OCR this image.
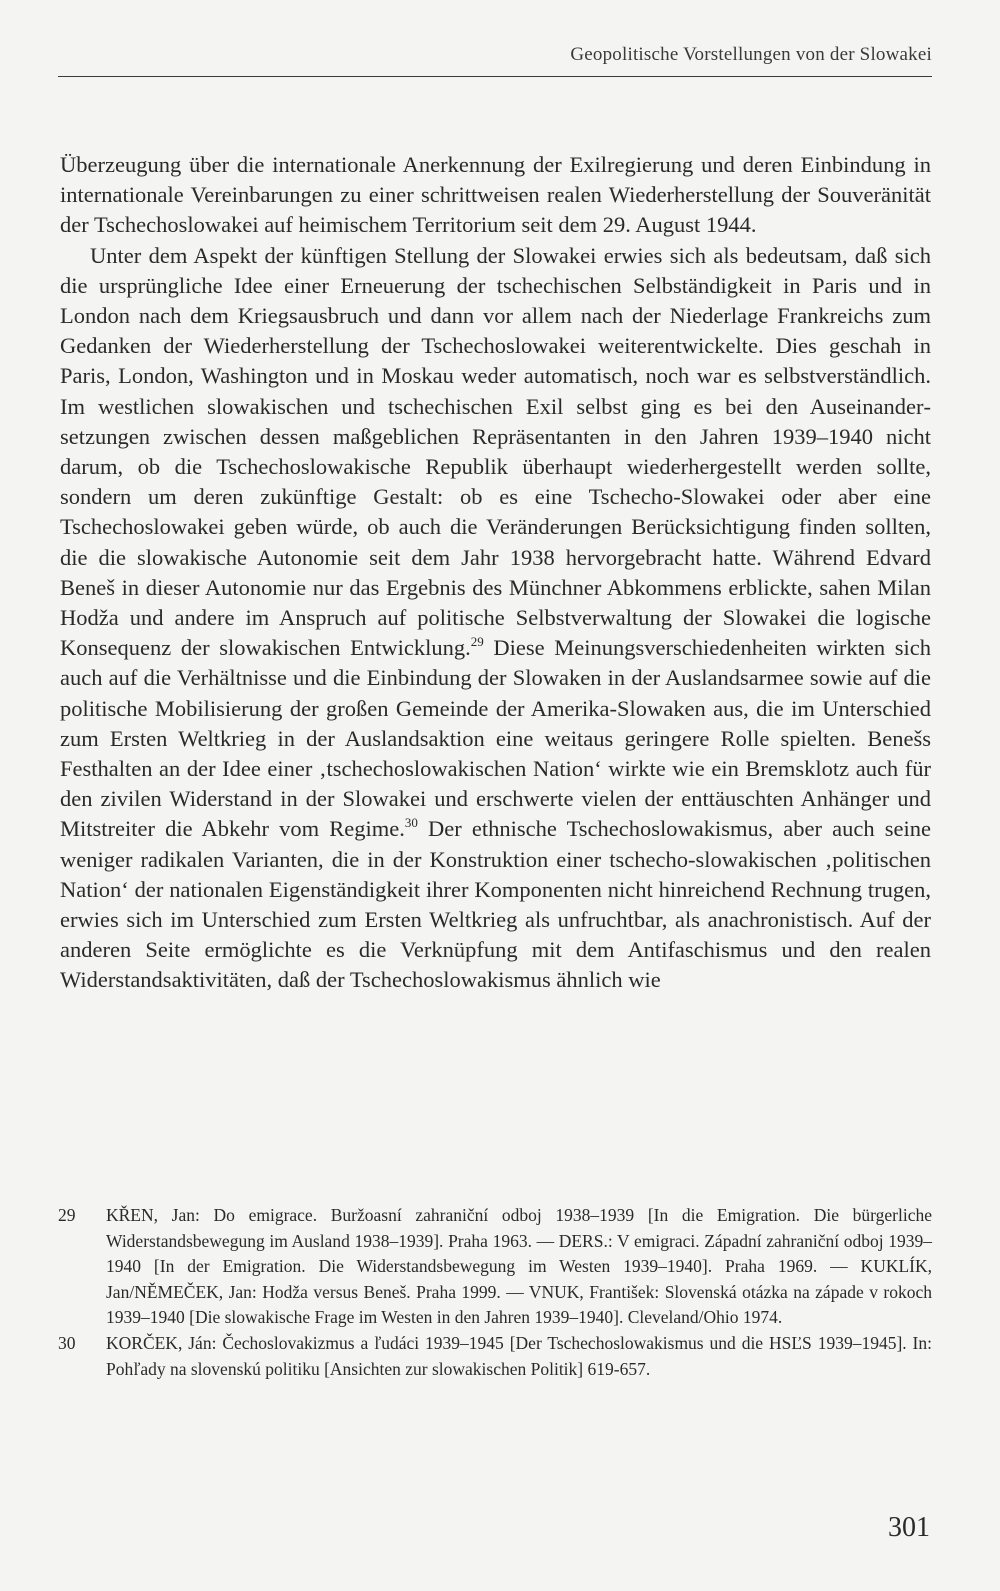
Geopolitische Vorstellungen von der Slowakei

Überzeugung über die internationale Anerkennung der Exilregierung und deren Einbindung in internationale Vereinbarungen zu einer schrittweisen realen Wiederherstellung der Souveränität der Tschechoslowakei auf heimischem Territorium seit dem 29. August 1944.

Unter dem Aspekt der künftigen Stellung der Slowakei erwies sich als bedeutsam, daß sich die ursprüngliche Idee einer Erneuerung der tschechischen Selbständigkeit in Paris und in London nach dem Kriegsausbruch und dann vor allem nach der Niederlage Frankreichs zum Gedanken der Wiederherstellung der Tschechoslowakei weiterentwickelte. Dies geschah in Paris, London, Washington und in Moskau weder automatisch, noch war es selbstverständlich. Im westlichen slowakischen und tschechischen Exil selbst ging es bei den Auseinandersetzungen zwischen dessen maßgeblichen Repräsentanten in den Jahren 1939–1940 nicht darum, ob die Tschechoslowakische Republik überhaupt wiederhergestellt werden sollte, sondern um deren zukünftige Gestalt: ob es eine Tschecho-Slowakei oder aber eine Tschechoslowakei geben würde, ob auch die Veränderungen Berücksichtigung finden sollten, die die slowakische Autonomie seit dem Jahr 1938 hervorgebracht hatte. Während Edvard Beneš in dieser Autonomie nur das Ergebnis des Münchner Abkommens erblickte, sahen Milan Hodža und andere im Anspruch auf politische Selbstverwaltung der Slowakei die logische Konsequenz der slowakischen Entwicklung.$^{29}$ Diese Meinungsverschiedenheiten wirkten sich auch auf die Verhältnisse und die Einbindung der Slowaken in der Auslandsarmee sowie auf die politische Mobilisierung der großen Gemeinde der Amerika-Slowaken aus, die im Unterschied zum Ersten Weltkrieg in der Auslandsaktion eine weitaus geringere Rolle spielten. Benešs Festhalten an der Idee einer ‚tschechoslowakischen Nation‘ wirkte wie ein Bremsklotz auch für den zivilen Widerstand in der Slowakei und erschwerte vielen der enttäuschten Anhänger und Mitstreiter die Abkehr vom Regime.$^{30}$ Der ethnische Tschechoslowakismus, aber auch seine weniger radikalen Varianten, die in der Konstruktion einer tschecho-slowakischen ‚politischen Nation‘ der nationalen Eigenständigkeit ihrer Komponenten nicht hinreichend Rechnung trugen, erwies sich im Unterschied zum Ersten Weltkrieg als unfruchtbar, als anachronistisch. Auf der anderen Seite ermöglichte es die Verknüpfung mit dem Antifaschismus und den realen Widerstandsaktivitäten, daß der Tschechoslowakismus ähnlich wie

29 KŘEN, Jan: Do emigrace. Buržoasní zahraniční odboj 1938–1939 [In die Emigration. Die bürgerliche Widerstandsbewegung im Ausland 1938–1939]. Praha 1963. — DERS.: V emigraci. Západní zahraniční odboj 1939–1940 [In der Emigration. Die Widerstandsbewegung im Westen 1939–1940]. Praha 1969. — KUKLÍK, Jan/NĚMEČEK, Jan: Hodža versus Beneš. Praha 1999. — VNUK, František: Slovenská otázka na západe v rokoch 1939–1940 [Die slowakische Frage im Westen in den Jahren 1939–1940]. Cleveland/Ohio 1974.
30 KORČEK, Ján: Čechoslovakizmus a ľudáci 1939–1945 [Der Tschechoslowakismus und die HSĽS 1939–1945]. In: Pohľady na slovenskú politiku [Ansichten zur slowakischen Politik] 619-657.
301
